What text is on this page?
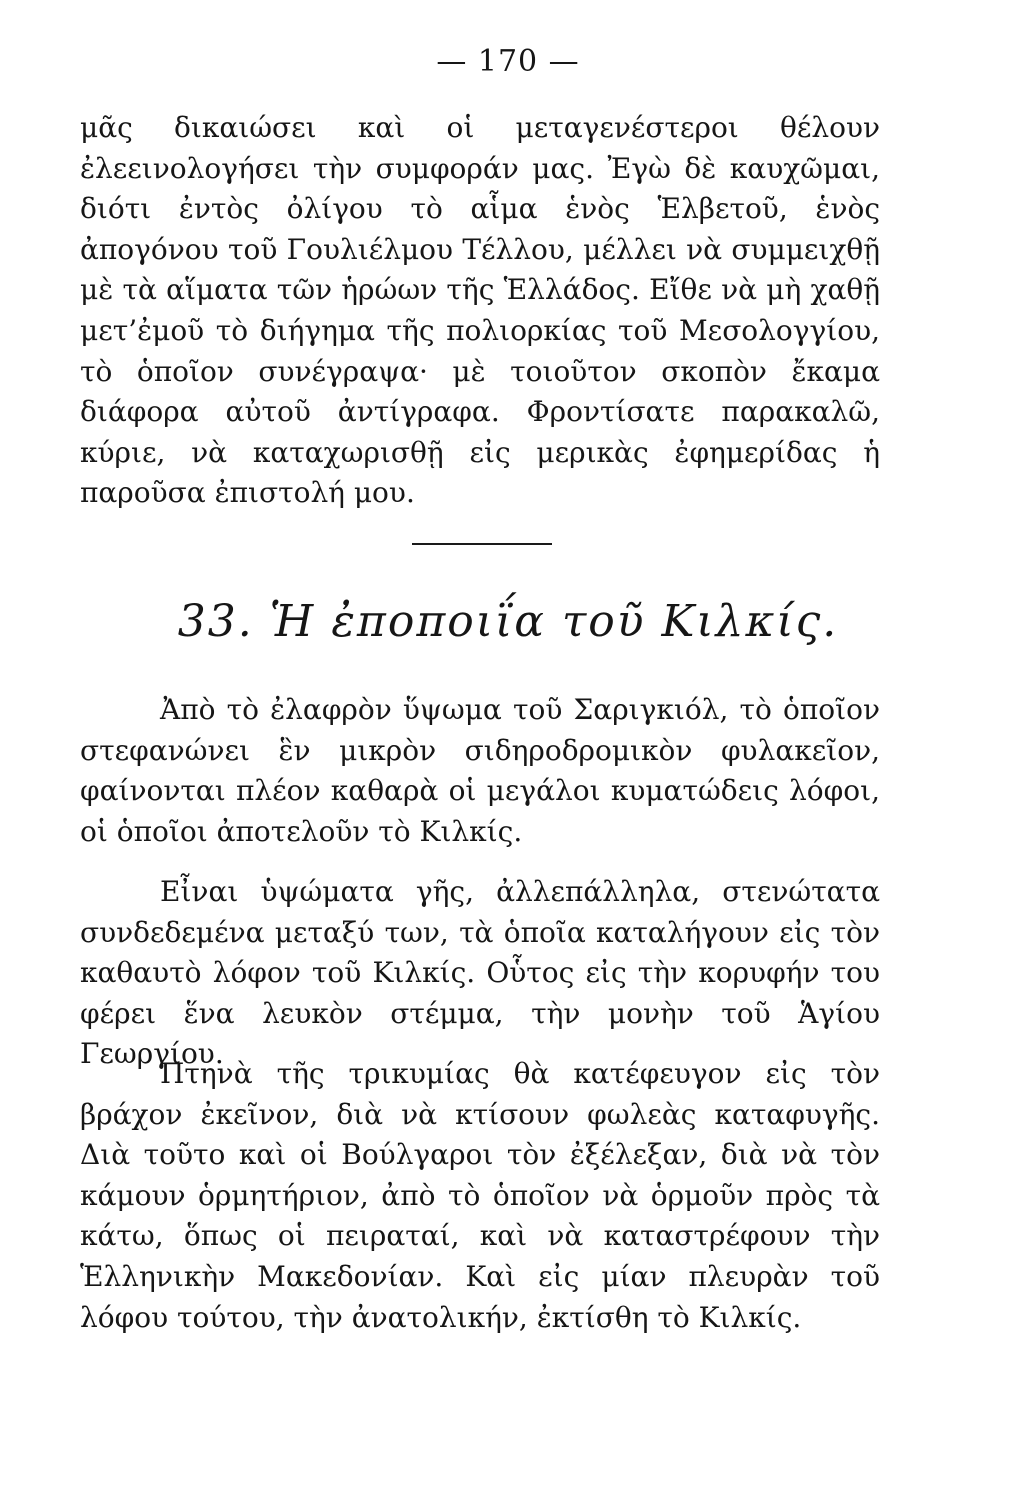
— 170 —

μᾶς δικαιώσει καὶ οἱ μεταγενέστεροι θέλουν ἐλεεινολογήσει τὴν συμφοράν μας. Ἐγὼ δὲ καυχῶμαι, διότι ἐντὸς ὀλίγου τὸ αἷμα ἑνὸς Ἑλβετοῦ, ἑνὸς ἀπογόνου τοῦ Γουλιέλμου Τέλλου, μέλλει νὰ συμμειχθῇ μὲ τὰ αἵματα τῶν ἡρώων τῆς Ἑλλάδος. Εἴθε νὰ μὴ χαθῇ μετ’ἐμοῦ τὸ διήγημα τῆς πολιορκίας τοῦ Μεσολογγίου, τὸ ὁποῖον συνέγραψα· μὲ τοιοῦτον σκοπὸν ἔκαμα διάφορα αὐτοῦ ἀντίγραφα. Φροντίσατε παρακαλῶ, κύριε, νὰ καταχωρισθῇ εἰς μερικὰς ἐφημερίδας ἡ παροῦσα ἐπιστολή μου.

33. Ἡ ἐποποιΐα τοῦ Κιλκίς.

Ἀπὸ τὸ ἐλαφρὸν ὕψωμα τοῦ Σαριγκιόλ, τὸ ὁποῖον στεφανώνει ἓν μικρὸν σιδηροδρομικὸν φυλακεῖον, φαίνονται πλέον καθαρὰ οἱ μεγάλοι κυματώδεις λόφοι, οἱ ὁποῖοι ἀποτελοῦν τὸ Κιλκίς.

Εἶναι ὑψώματα γῆς, ἀλλεπάλληλα, στενώτατα συνδεδεμένα μεταξύ των, τὰ ὁποῖα καταλήγουν εἰς τὸν καθαυτὸ λόφον τοῦ Κιλκίς. Οὗτος εἰς τὴν κορυφήν του φέρει ἕνα λευκὸν στέμμα, τὴν μονὴν τοῦ Ἁγίου Γεωργίου.

Πτηνὰ τῆς τρικυμίας θὰ κατέφευγον εἰς τὸν βράχον ἐκεῖνον, διὰ νὰ κτίσουν φωλεὰς καταφυγῆς. Διὰ τοῦτο καὶ οἱ Βούλγαροι τὸν ἐξέλεξαν, διὰ νὰ τὸν κάμουν ὁρμητήριον, ἀπὸ τὸ ὁποῖον νὰ ὁρμοῦν πρὸς τὰ κάτω, ὅπως οἱ πειραταί, καὶ νὰ καταστρέφουν τὴν Ἑλληνικὴν Μακεδονίαν. Καὶ εἰς μίαν πλευρὰν τοῦ λόφου τούτου, τὴν ἀνατολικήν, ἐκτίσθη τὸ Κιλκίς.
